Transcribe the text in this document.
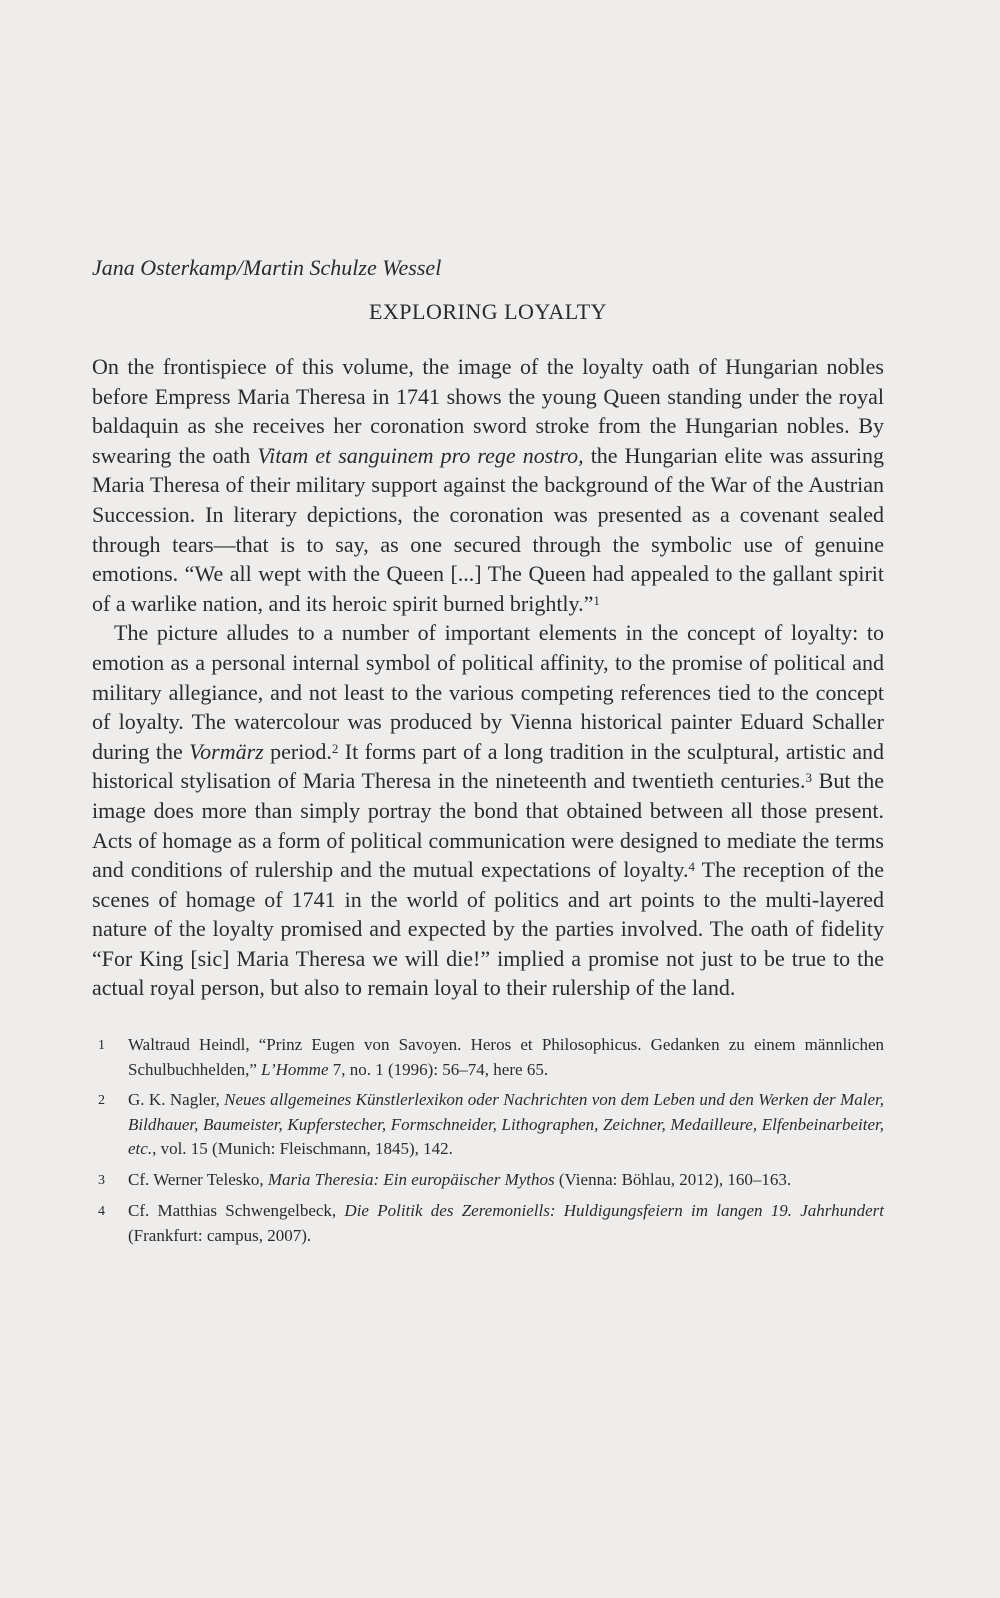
Jana Osterkamp/Martin Schulze Wessel

EXPLORING LOYALTY

On the frontispiece of this volume, the image of the loyalty oath of Hungarian nobles before Empress Maria Theresa in 1741 shows the young Queen standing under the royal baldaquin as she receives her coronation sword stroke from the Hungarian nobles. By swearing the oath Vitam et sanguinem pro rege nostro, the Hungarian elite was assuring Maria Theresa of their military support against the background of the War of the Austrian Succession. In literary depictions, the coronation was presented as a covenant sealed through tears—that is to say, as one secured through the symbolic use of genuine emotions. “We all wept with the Queen [...] The Queen had appealed to the gallant spirit of a warlike nation, and its heroic spirit burned brightly.”$^1$

The picture alludes to a number of important elements in the concept of loyalty: to emotion as a personal internal symbol of political affinity, to the promise of political and military allegiance, and not least to the various competing references tied to the concept of loyalty. The watercolour was produced by Vienna historical painter Eduard Schaller during the Vormärz period.$^2$ It forms part of a long tradition in the sculptural, artistic and historical stylisation of Maria Theresa in the nineteenth and twentieth centuries.$^3$ But the image does more than simply portray the bond that obtained between all those present. Acts of homage as a form of political communication were designed to mediate the terms and conditions of rulership and the mutual expectations of loyalty.$^4$ The reception of the scenes of homage of 1741 in the world of politics and art points to the multi-layered nature of the loyalty promised and expected by the parties involved. The oath of fidelity “For King [sic] Maria Theresa we will die!” implied a promise not just to be true to the actual royal person, but also to remain loyal to their rulership of the land.

1	Waltraud Heindl, “Prinz Eugen von Savoyen. Heros et Philosophicus. Gedanken zu einem männlichen Schulbuchhelden,” L’Homme 7, no. 1 (1996): 56–74, here 65.
2	G. K. Nagler, Neues allgemeines Künstlerlexikon oder Nachrichten von dem Leben und den Werken der Maler, Bildhauer, Baumeister, Kupferstecher, Formschneider, Lithographen, Zeichner, Medailleure, Elfenbeinarbeiter, etc., vol. 15 (Munich: Fleischmann, 1845), 142.
3	Cf. Werner Telesko, Maria Theresia: Ein europäischer Mythos (Vienna: Böhlau, 2012), 160–163.
4	Cf. Matthias Schwengelbeck, Die Politik des Zeremoniells: Huldigungsfeiern im langen 19. Jahrhundert (Frankfurt: campus, 2007).
